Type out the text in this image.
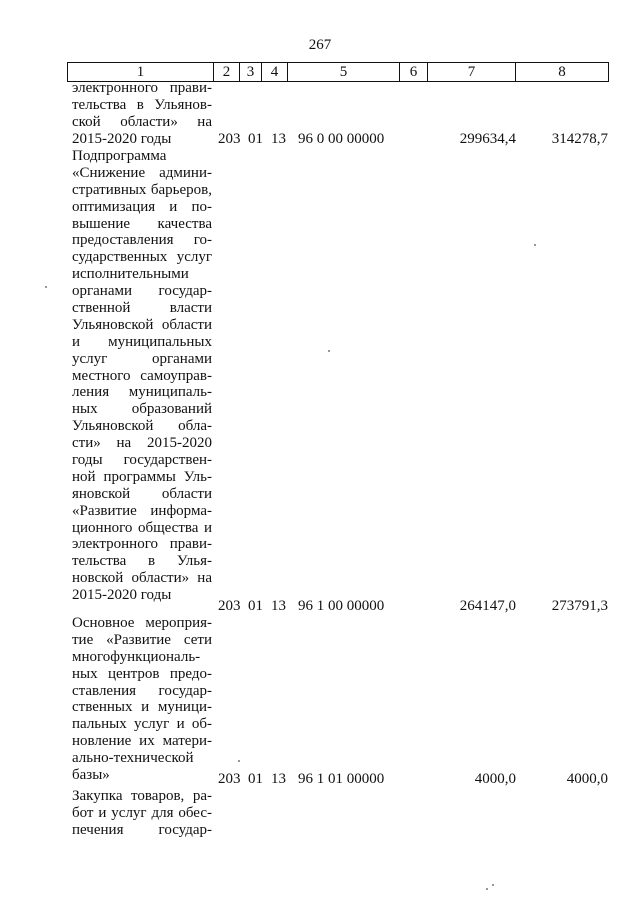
267
1	2	3	4	5	6	7	8
электронного прави-
тельства в Ульянов-
ской области» на
2015-2020 годы	203 01 13 96 0 00 00000	299634,4 314278,7
Подпрограмма
«Снижение админи-
стративных барьеров,
оптимизация и по-
вышение качества
предоставления го-
сударственных услуг
исполнительными
органами государ-
ственной власти
Ульяновской области
и муниципальных
услуг органами
местного самоуправ-
ления муниципаль-
ных образований
Ульяновской обла-
сти» на 2015-2020
годы государствен-
ной программы Уль-
яновской области
«Развитие информа-
ционного общества и
электронного прави-
тельства в Улья-
новской области» на
2015-2020 годы
203 01 13 96 1 00 00000	264147,0 273791,3
Основное мероприя-
тие «Развитие сети
многофункциональ-
ных центров предо-
ставления государ-
ственных и муници-
пальных услуг и об-
новление их матери-
ально-технической
базы»	203 01 13 96 1 01 00000	4000,0	4000,0
Закупка товаров, ра-
бот и услуг для обес-
печения государ-
